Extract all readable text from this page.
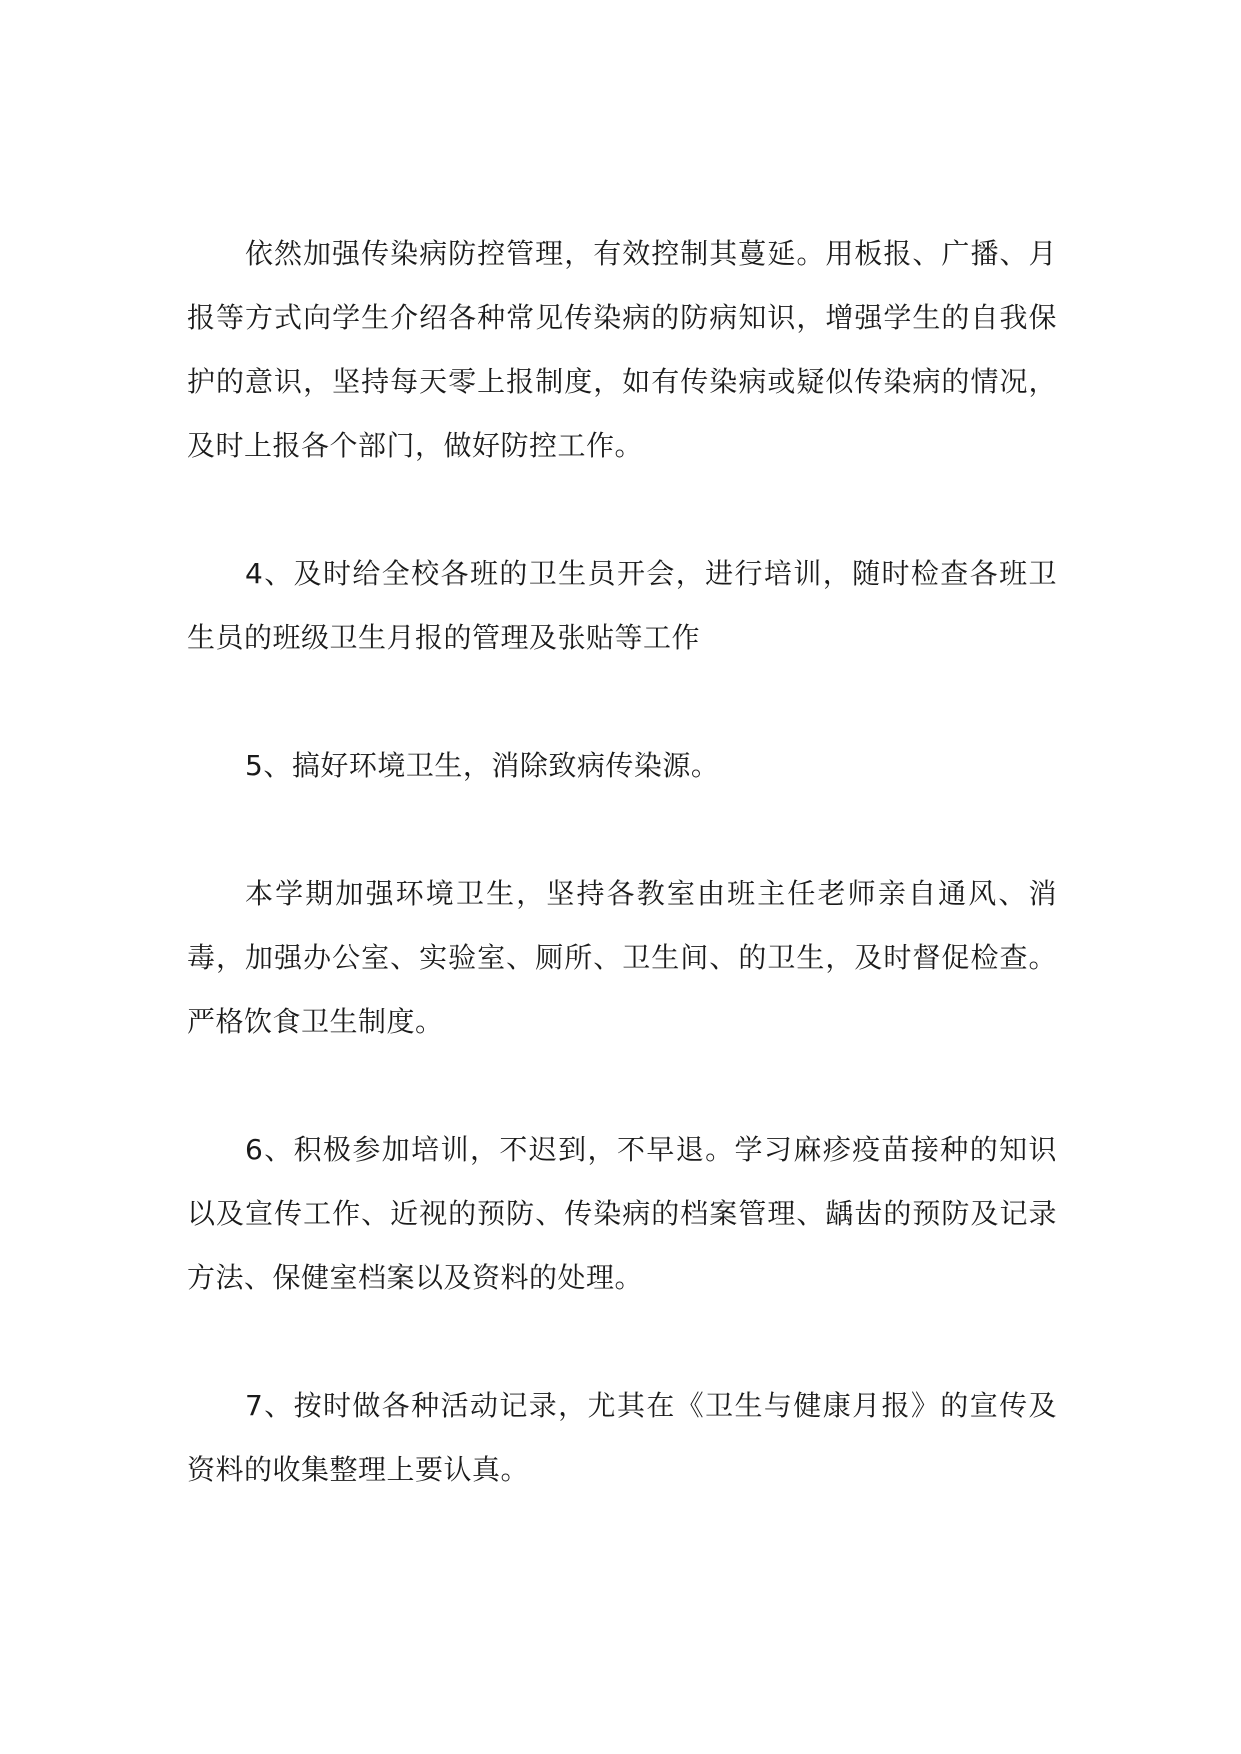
依然加强传染病防控管理，有效控制其蔓延。用板报、广播、月报等方式向学生介绍各种常见传染病的防病知识，增强学生的自我保护的意识，坚持每天零上报制度，如有传染病或疑似传染病的情况，及时上报各个部门，做好防控工作。

4、及时给全校各班的卫生员开会，进行培训，随时检查各班卫生员的班级卫生月报的管理及张贴等工作

5、搞好环境卫生，消除致病传染源。

本学期加强环境卫生，坚持各教室由班主任老师亲自通风、消毒，加强办公室、实验室、厕所、卫生间、的卫生，及时督促检查。严格饮食卫生制度。

6、积极参加培训，不迟到，不早退。学习麻疹疫苗接种的知识以及宣传工作、近视的预防、传染病的档案管理、龋齿的预防及记录方法、保健室档案以及资料的处理。

7、按时做各种活动记录，尤其在《卫生与健康月报》的宣传及资料的收集整理上要认真。
